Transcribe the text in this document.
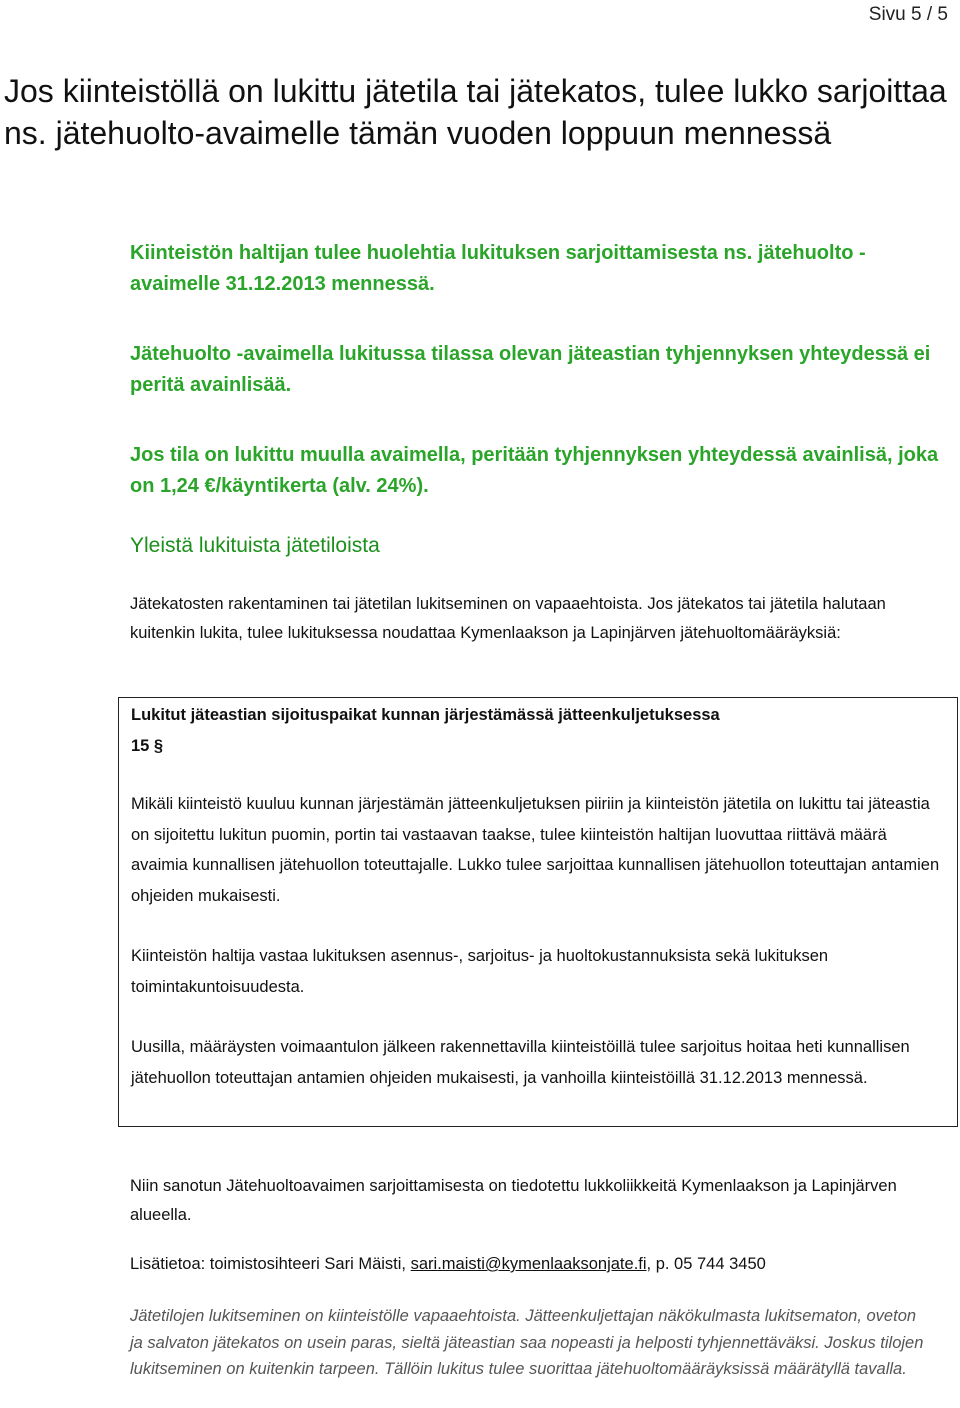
Sivu 5 / 5
Jos kiinteistöllä on lukittu jätetila tai jätekatos, tulee lukko sarjoittaa ns. jätehuolto-avaimelle tämän vuoden loppuun mennessä

Kiinteistön haltijan tulee huolehtia lukituksen sarjoittamisesta ns. jätehuolto -avaimelle 31.12.2013 mennessä.

Jätehuolto -avaimella lukitussa tilassa olevan jäteastian tyhjennyksen yhteydessä ei peritä avainlisää.

Jos tila on lukittu muulla avaimella, peritään tyhjennyksen yhteydessä avainlisä, joka on 1,24 €/käyntikerta (alv. 24%).

Yleistä lukituista jätetiloista

Jätekatosten rakentaminen tai jätetilan lukitseminen on vapaaehtoista. Jos jätekatos tai jätetila halutaan kuitenkin lukita, tulee lukituksessa noudattaa Kymenlaakson ja Lapinjärven jätehuoltomääräyksiä:

Lukitut jäteastian sijoituspaikat kunnan järjestämässä jätteenkuljetuksessa
15 §

Mikäli kiinteistö kuuluu kunnan järjestämän jätteenkuljetuksen piiriin ja kiinteistön jätetila on lukittu tai jäteastia on sijoitettu lukitun puomin, portin tai vastaavan taakse, tulee kiinteistön haltijan luovuttaa riittävä määrä avaimia kunnallisen jätehuollon toteuttajalle. Lukko tulee sarjoittaa kunnallisen jätehuollon toteuttajan antamien ohjeiden mukaisesti.

Kiinteistön haltija vastaa lukituksen asennus-, sarjoitus- ja huoltokustannuksista sekä lukituksen toimintakuntoisuudesta.

Uusilla, määräysten voimaantulon jälkeen rakennettavilla kiinteistöillä tulee sarjoitus hoitaa heti kunnallisen jätehuollon toteuttajan antamien ohjeiden mukaisesti, ja vanhoilla kiinteistöillä 31.12.2013 mennessä.

Niin sanotun Jätehuoltoavaimen sarjoittamisesta on tiedotettu lukkoliikkeitä Kymenlaakson ja Lapinjärven alueella.

Lisätietoa: toimistosihteeri Sari Mäisti, sari.maisti@kymenlaaksonjate.fi, p. 05 744 3450

Jätetilojen lukitseminen on kiinteistölle vapaaehtoista. Jätteenkuljettajan näkökulmasta lukitsematon, oveton ja salvaton jätekatos on usein paras, sieltä jäteastian saa nopeasti ja helposti tyhjennettäväksi. Joskus tilojen lukitseminen on kuitenkin tarpeen. Tällöin lukitus tulee suorittaa jätehuoltomääräyksissä määrätyllä tavalla.
